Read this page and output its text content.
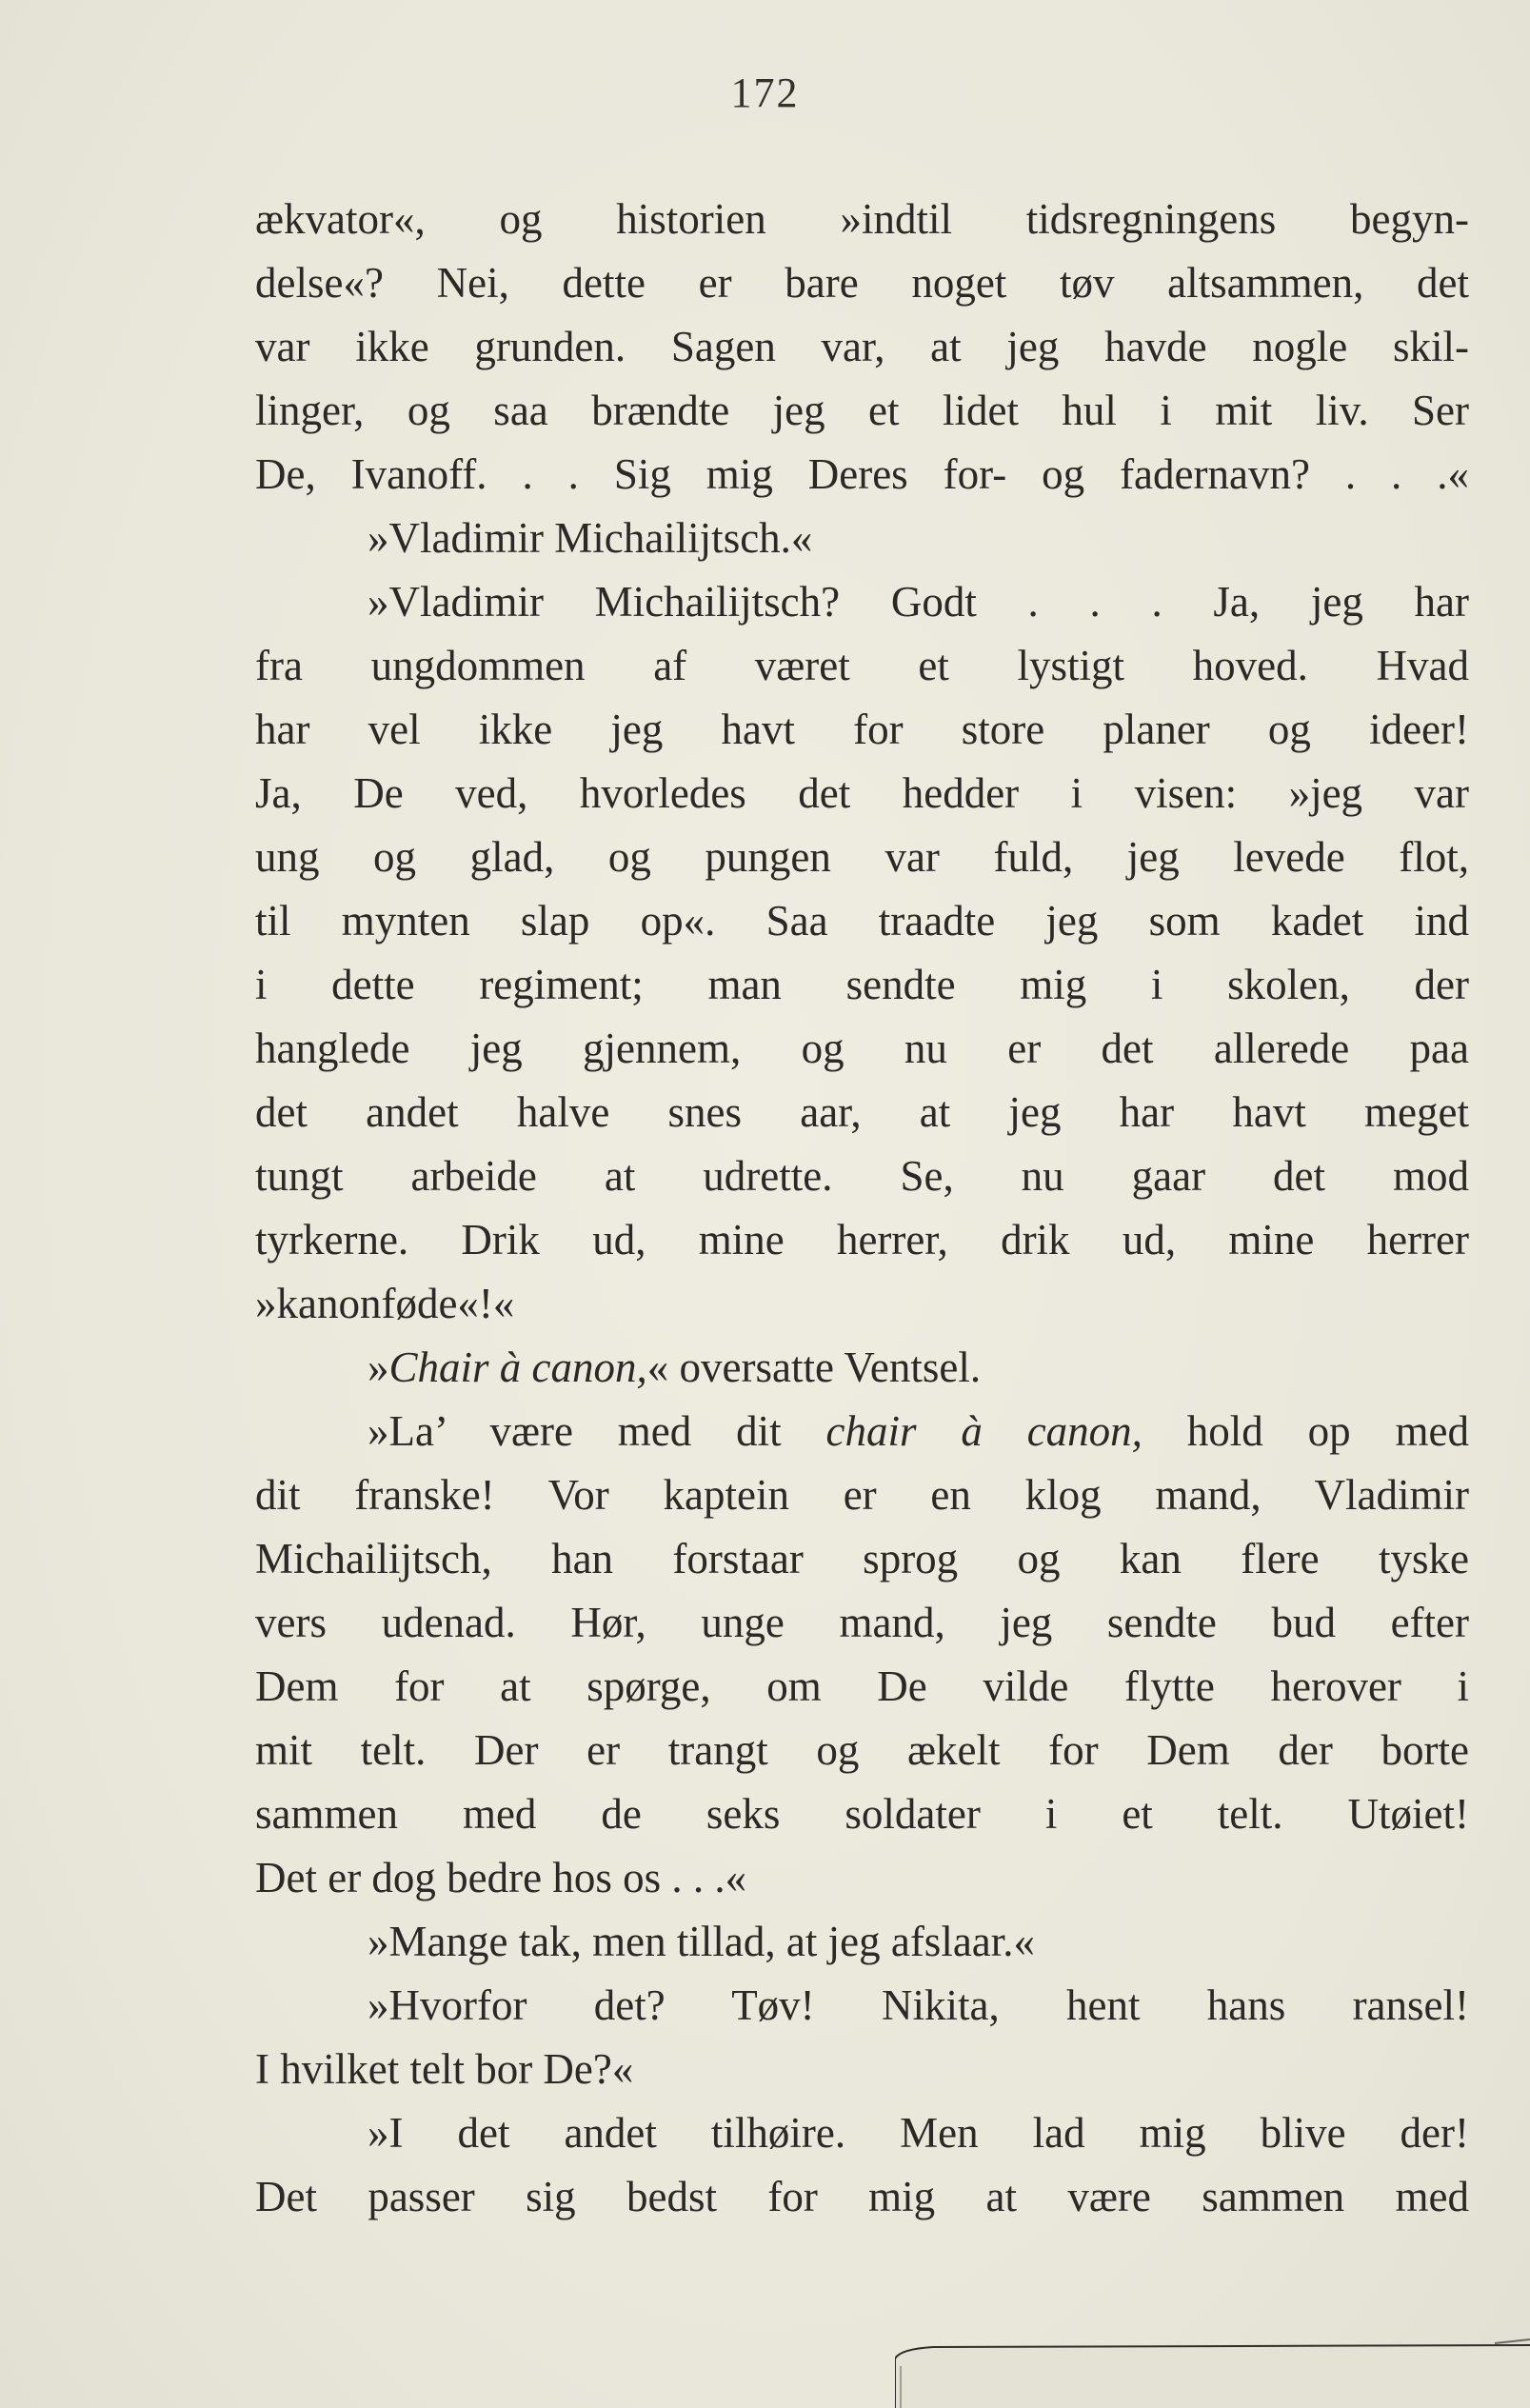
172
ækvator«, og historien »indtil tidsregningens begyn-
delse«? Nei, dette er bare noget tøv altsammen, det
var ikke grunden. Sagen var, at jeg havde nogle skil-
linger, og saa brændte jeg et lidet hul i mit liv. Ser
De, Ivanoff. . . Sig mig Deres for- og fadernavn? . . .«
»Vladimir Michailijtsch.«
»Vladimir Michailijtsch? Godt . . . Ja, jeg har
fra ungdommen af været et lystigt hoved. Hvad
har vel ikke jeg havt for store planer og ideer!
Ja, De ved, hvorledes det hedder i visen: »jeg var
ung og glad, og pungen var fuld, jeg levede flot,
til mynten slap op«. Saa traadte jeg som kadet ind
i dette regiment; man sendte mig i skolen, der
hanglede jeg gjennem, og nu er det allerede paa
det andet halve snes aar, at jeg har havt meget
tungt arbeide at udrette. Se, nu gaar det mod
tyrkerne. Drik ud, mine herrer, drik ud, mine herrer
»kanonføde«!«
»Chair à canon,« oversatte Ventsel.
»La’ være med dit chair à canon, hold op med
dit franske! Vor kaptein er en klog mand, Vladimir
Michailijtsch, han forstaar sprog og kan flere tyske
vers udenad. Hør, unge mand, jeg sendte bud efter
Dem for at spørge, om De vilde flytte herover i
mit telt. Der er trangt og ækelt for Dem der borte
sammen med de seks soldater i et telt. Utøiet!
Det er dog bedre hos os . . .«
»Mange tak, men tillad, at jeg afslaar.«
»Hvorfor det? Tøv! Nikita, hent hans ransel!
I hvilket telt bor De?«
»I det andet tilhøire. Men lad mig blive der!
Det passer sig bedst for mig at være sammen med
